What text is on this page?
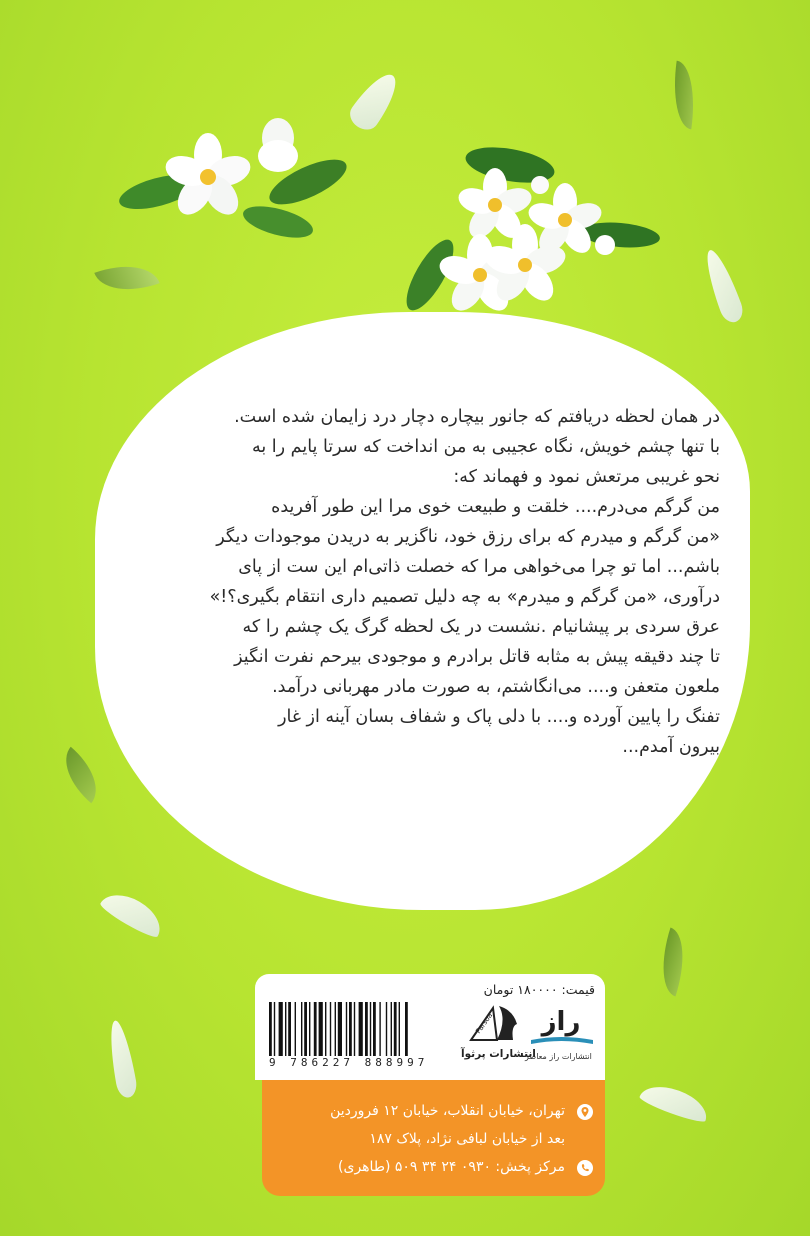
در همان لحظه دریافتم که جانور بیچاره دچار درد زایمان شده است.

با تنها چشم خویش، نگاه عجیبی به من انداخت که سرتا پایم را به

نحو غریبی مرتعش نمود و فهماند که:

من گرگم می‌درم.... خلقت و طبیعت خوی مرا این طور آفریده

«من گرگم و میدرم که برای رزق خود، ناگزیر به دریدن موجودات دیگر

باشم... اما تو چرا می‌خواهی مرا که خصلت ذاتی‌ام این ست از پای

درآوری، «من گرگم و میدرم» به چه دلیل تصمیم داری انتقام بگیری؟!»

عرق سردی بر پیشانیام .نشست در یک لحظه گرگ یک چشم را که

تا چند دقیقه پیش به مثابه قاتل برادرم و موجودی بیرحم نفرت انگیز

ملعون متعفن و.... می‌انگاشتم، به صورت مادر مهربانی درآمد.

تفنگ را پایین آورده و.... با دلی پاک و شفاف بسان آینه از غار

بیرون آمدم...

قیمت: ۱۸۰۰۰۰ تومان
9 786227 888997
Parsoa
انتشارات پرثوآ
راز
انتشارات راز معاصر
تهران، خیابان انقلاب، خیابان ۱۲ فروردین
بعد از خیابان لبافی نژاد، پلاک ۱۸۷
مرکز پخش: ۰۹۳۰ ۲۴ ۳۴ ۵۰۹ (طاهری)
